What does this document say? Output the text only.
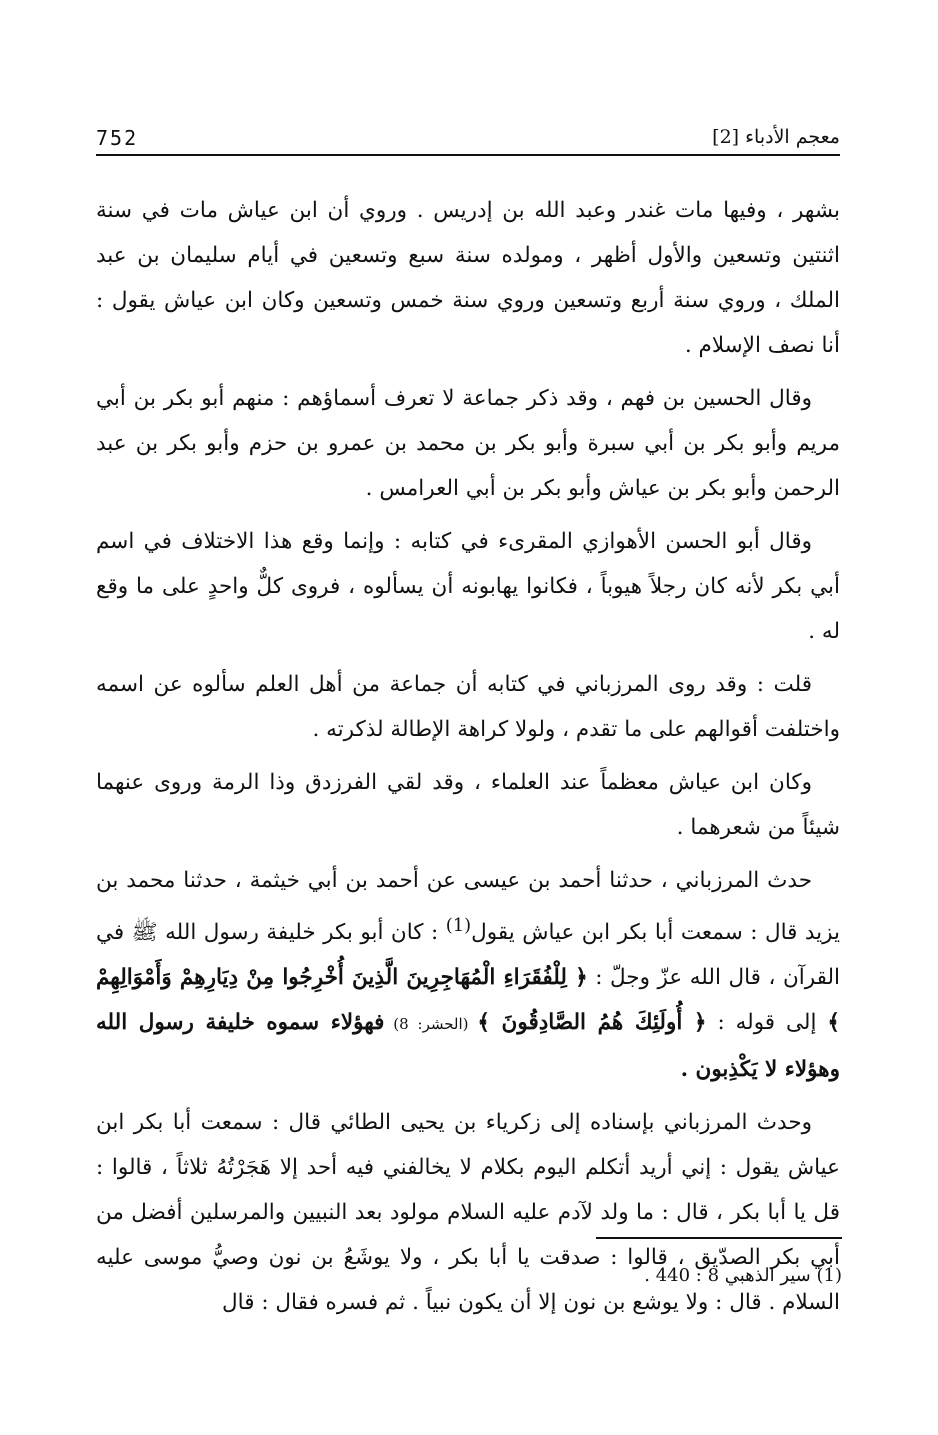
معجم الأدباء [2]
752

بشهر ، وفيها مات غندر وعبد الله بن إدريس . وروي أن ابن عياش مات في سنة اثنتين وتسعين والأول أظهر ، ومولده سنة سبع وتسعين في أيام سليمان بن عبد الملك ، وروي سنة أربع وتسعين وروي سنة خمس وتسعين وكان ابن عياش يقول : أنا نصف الإسلام .

وقال الحسين بن فهم ، وقد ذكر جماعة لا تعرف أسماؤهم : منهم أبو بكر بن أبي مريم وأبو بكر بن أبي سبرة وأبو بكر بن محمد بن عمرو بن حزم وأبو بكر بن عبد الرحمن وأبو بكر بن عياش وأبو بكر بن أبي العرامس .

وقال أبو الحسن الأهوازي المقرىء في كتابه : وإنما وقع هذا الاختلاف في اسم أبي بكر لأنه كان رجلاً هيوباً ، فكانوا يهابونه أن يسألوه ، فروى كلٌّ واحدٍ على ما وقع له .

قلت : وقد روى المرزباني في كتابه أن جماعة من أهل العلم سألوه عن اسمه واختلفت أقوالهم على ما تقدم ، ولولا كراهة الإطالة لذكرته .

وكان ابن عياش معظماً عند العلماء ، وقد لقي الفرزدق وذا الرمة وروى عنهما شيئاً من شعرهما .

حدث المرزباني ، حدثنا أحمد بن عيسى عن أحمد بن أبي خيثمة ، حدثنا محمد بن يزيد قال : سمعت أبا بكر ابن عياش يقول$^{(1)}$ : كان أبو بكر خليفة رسول الله ﷺ في القرآن ، قال الله عزّ وجلّ : ﴿ لِلْفُقَرَاءِ الْمُهَاجِرِينَ الَّذِينَ أُخْرِجُوا مِنْ دِيَارِهِمْ وَأَمْوَالِهِمْ ﴾ إلى قوله : ﴿ أُولَئِكَ هُمُ الصَّادِقُونَ ﴾ (الحشر: 8) فهؤلاء سموه خليفة رسول الله وهؤلاء لا يَكْذِبون .

وحدث المرزباني بإسناده إلى زكرياء بن يحيى الطائي قال : سمعت أبا بكر ابن عياش يقول : إني أريد أتكلم اليوم بكلام لا يخالفني فيه أحد إلا هَجَرْتُهُ ثلاثاً ، قالوا : قل يا أبا بكر ، قال : ما ولد لآدم عليه السلام مولود بعد النبيين والمرسلين أفضل من أبي بكر الصدّيق ، قالوا : صدقت يا أبا بكر ، ولا يوشَعُ بن نون وصيُّ موسى عليه السلام . قال : ولا يوشع بن نون إلا أن يكون نبياً . ثم فسره فقال : قال

(1) سير الذهبي 8 : 440 .
